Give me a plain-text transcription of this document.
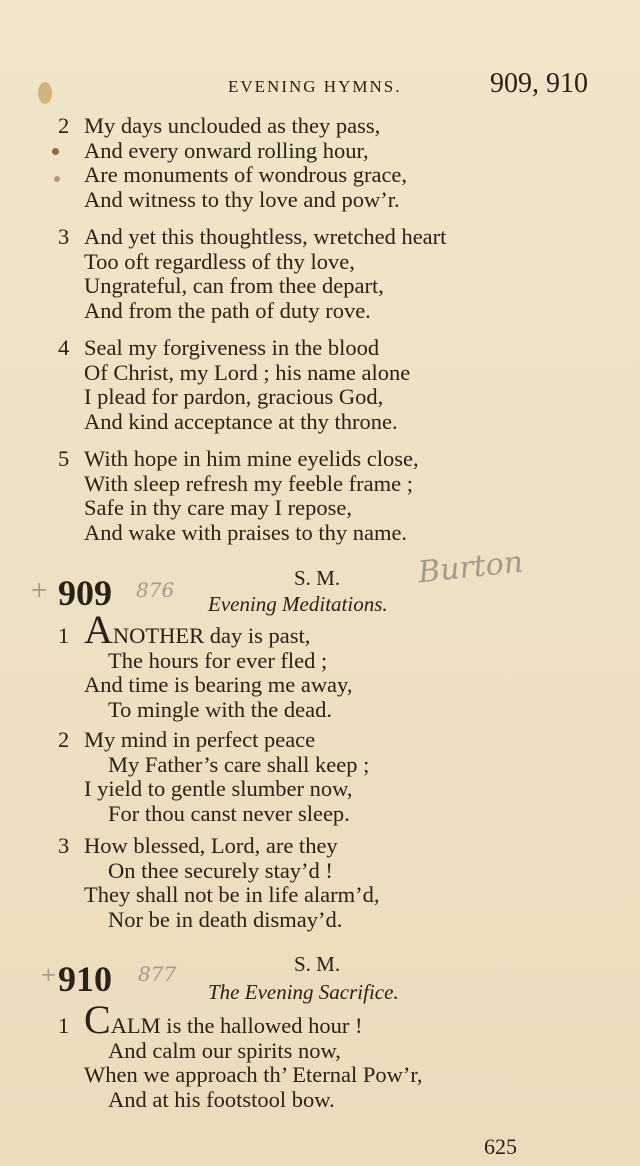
EVENING HYMNS.	909, 910
2 My days unclouded as they pass,
And every onward rolling hour,
Are monuments of wondrous grace,
And witness to thy love and pow’r.
3 And yet this thoughtless, wretched heart
Too oft regardless of thy love,
Ungrateful, can from thee depart,
And from the path of duty rove.
4 Seal my forgiveness in the blood
Of Christ, my Lord ; his name alone
I plead for pardon, gracious God,
And kind acceptance at thy throne.
5 With hope in him mine eyelids close,
With sleep refresh my feeble frame ;
Safe in thy care may I repose,
And wake with praises to thy name.
+ 909 876	S. M.	Burton
Evening Meditations.
1 ANOTHER day is past,
The hours for ever fled ;
And time is bearing me away,
To mingle with the dead.
2 My mind in perfect peace
My Father’s care shall keep ;
I yield to gentle slumber now,
For thou canst never sleep.
3 How blessed, Lord, are they
On thee securely stay’d !
They shall not be in life alarm’d,
Nor be in death dismay’d.
+ 910 877	S. M.
The Evening Sacrifice.
1 CALM is the hallowed hour !
And calm our spirits now,
When we approach th’ Eternal Pow’r,
And at his footstool bow.
625
